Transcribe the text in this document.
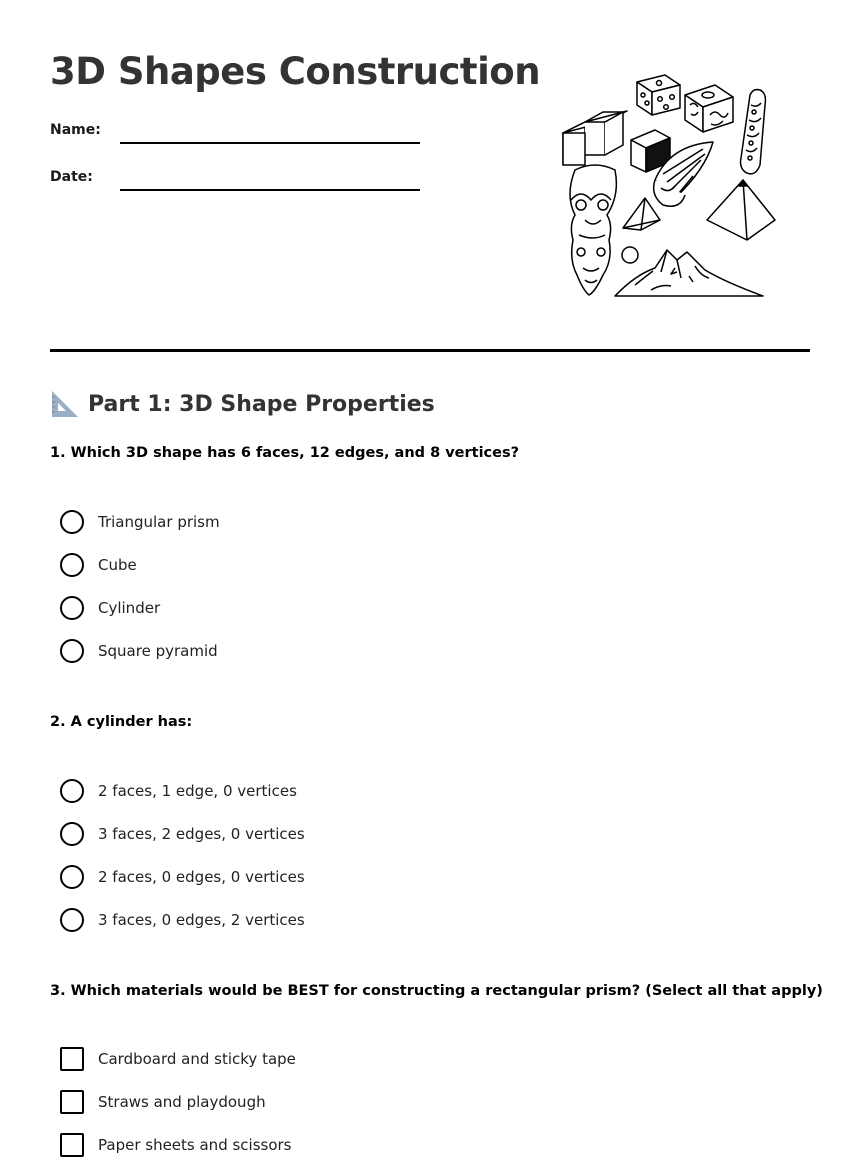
3D Shapes Construction
Name:
Date:
Part 1: 3D Shape Properties
1. Which 3D shape has 6 faces, 12 edges, and 8 vertices?
Triangular prism
Cube
Cylinder
Square pyramid
2. A cylinder has:
2 faces, 1 edge, 0 vertices
3 faces, 2 edges, 0 vertices
2 faces, 0 edges, 0 vertices
3 faces, 0 edges, 2 vertices
3. Which materials would be BEST for constructing a rectangular prism? (Select all that apply)
Cardboard and sticky tape
Straws and playdough
Paper sheets and scissors
